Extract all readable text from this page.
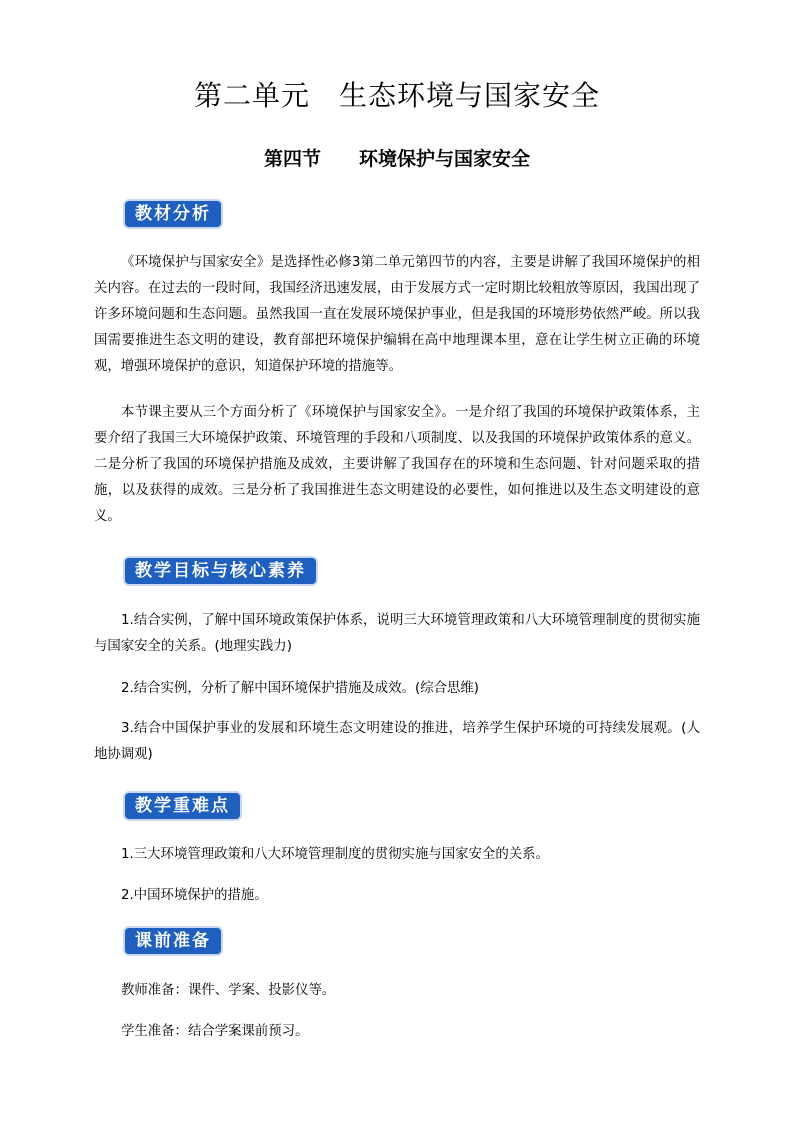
第二单元　生态环境与国家安全
第四节　　环境保护与国家安全
教材分析

《环境保护与国家安全》是选择性必修3第二单元第四节的内容，主要是讲解了我国环境保护的相关内容。在过去的一段时间，我国经济迅速发展，由于发展方式一定时期比较粗放等原因，我国出现了许多环境问题和生态问题。虽然我国一直在发展环境保护事业，但是我国的环境形势依然严峻。所以我国需要推进生态文明的建设，教育部把环境保护编辑在高中地理课本里，意在让学生树立正确的环境观，增强环境保护的意识，知道保护环境的措施等。

本节课主要从三个方面分析了《环境保护与国家安全》。一是介绍了我国的环境保护政策体系，主要介绍了我国三大环境保护政策、环境管理的手段和八项制度、以及我国的环境保护政策体系的意义。二是分析了我国的环境保护措施及成效，主要讲解了我国存在的环境和生态问题、针对问题采取的措施，以及获得的成效。三是分析了我国推进生态文明建设的必要性，如何推进以及生态文明建设的意义。

教学目标与核心素养

1.结合实例，了解中国环境政策保护体系，说明三大环境管理政策和八大环境管理制度的贯彻实施与国家安全的关系。(地理实践力)

2.结合实例，分析了解中国环境保护措施及成效。(综合思维)

3.结合中国保护事业的发展和环境生态文明建设的推进，培养学生保护环境的可持续发展观。(人地协调观)

教学重难点

1.三大环境管理政策和八大环境管理制度的贯彻实施与国家安全的关系。

2.中国环境保护的措施。

课前准备

教师准备：课件、学案、投影仪等。

学生准备：结合学案课前预习。
